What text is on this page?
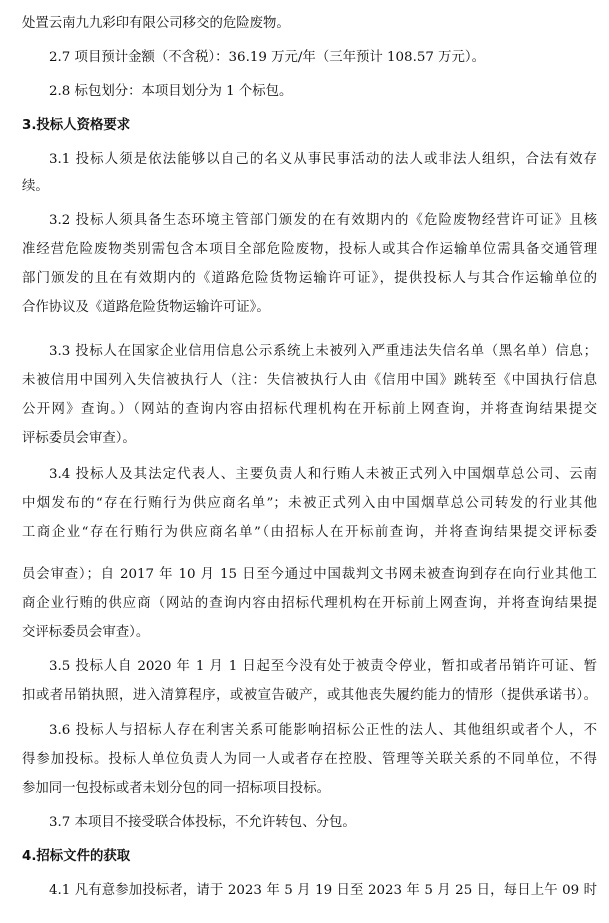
处置云南九九彩印有限公司移交的危险废物。
2.7 项目预计金额（不含税）：36.19 万元/年（三年预计 108.57 万元）。
2.8 标包划分：本项目划分为 1 个标包。
3.投标人资格要求
3.1 投标人须是依法能够以自己的名义从事民事活动的法人或非法人组织，合法有效存
续。
3.2 投标人须具备生态环境主管部门颁发的在有效期内的《危险废物经营许可证》且核
准经营危险废物类别需包含本项目全部危险废物，投标人或其合作运输单位需具备交通管理
部门颁发的且在有效期内的《道路危险货物运输许可证》，提供投标人与其合作运输单位的
合作协议及《道路危险货物运输许可证》。
3.3 投标人在国家企业信用信息公示系统上未被列入严重违法失信名单（黑名单）信息；
未被信用中国列入失信被执行人（注：失信被执行人由《信用中国》跳转至《中国执行信息
公开网》查询。）（网站的查询内容由招标代理机构在开标前上网查询，并将查询结果提交
评标委员会审查）。
3.4 投标人及其法定代表人、主要负责人和行贿人未被正式列入中国烟草总公司、云南
中烟发布的“存在行贿行为供应商名单”；未被正式列入由中国烟草总公司转发的行业其他
工商企业“存在行贿行为供应商名单”（由招标人在开标前查询，并将查询结果提交评标委
员会审查）；自 2017 年 10 月 15 日至今通过中国裁判文书网未被查询到存在向行业其他工
商企业行贿的供应商（网站的查询内容由招标代理机构在开标前上网查询，并将查询结果提
交评标委员会审查）。
3.5 投标人自 2020 年 1 月 1 日起至今没有处于被责令停业，暂扣或者吊销许可证、暂
扣或者吊销执照，进入清算程序，或被宣告破产，或其他丧失履约能力的情形（提供承诺书）。
3.6 投标人与招标人存在利害关系可能影响招标公正性的法人、其他组织或者个人，不
得参加投标。投标人单位负责人为同一人或者存在控股、管理等关联关系的不同单位，不得
参加同一包投标或者未划分包的同一招标项目投标。
3.7 本项目不接受联合体投标，不允许转包、分包。
4.招标文件的获取
4.1 凡有意参加投标者，请于 2023 年 5 月 19 日至 2023 年 5 月 25 日，每日上午 09 时
